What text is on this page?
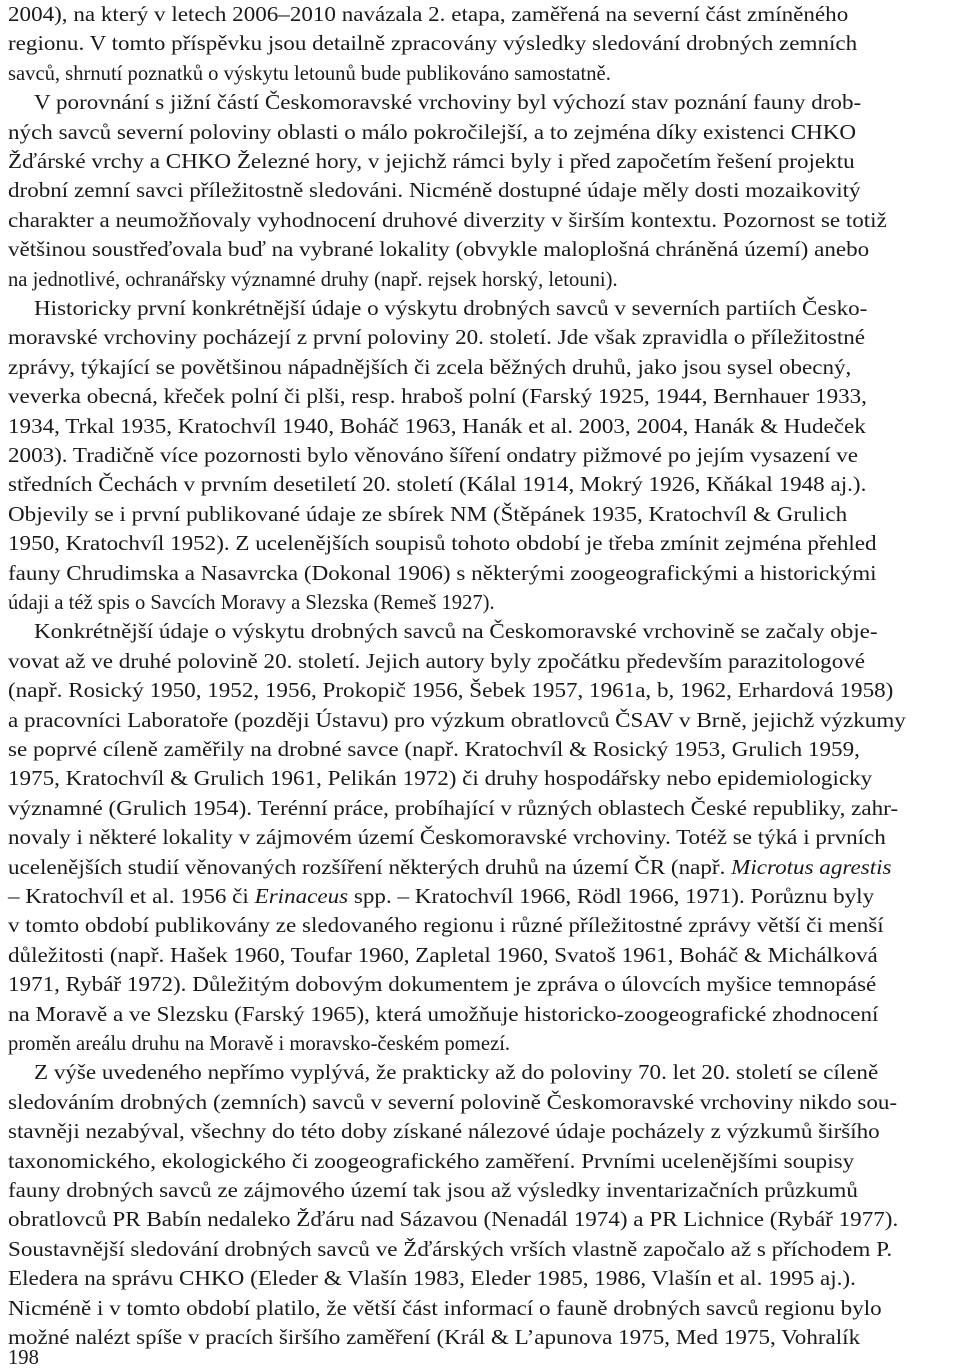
2004), na který v letech 2006–2010 navázala 2. etapa, zaměřená na severní část zmíněného
regionu. V tomto příspěvku jsou detailně zpracovány výsledky sledování drobných zemních
savců, shrnutí poznatků o výskytu letounů bude publikováno samostatně.
V porovnání s jižní částí Českomoravské vrchoviny byl výchozí stav poznání fauny drob-
ných savců severní poloviny oblasti o málo pokročilejší, a to zejména díky existenci CHKO
Žďárské vrchy a CHKO Železné hory, v jejichž rámci byly i před započetím řešení projektu
drobní zemní savci příležitostně sledováni. Nicméně dostupné údaje měly dosti mozaikovitý
charakter a neumožňovaly vyhodnocení druhové diverzity v širším kontextu. Pozornost se totiž
většinou soustřeďovala buď na vybrané lokality (obvykle maloplošná chráněná území) anebo
na jednotlivé, ochranářsky významné druhy (např. rejsek horský, letouni).
Historicky první konkrétnější údaje o výskytu drobných savců v severních partiích Česko-
moravské vrchoviny pocházejí z první poloviny 20. století. Jde však zpravidla o příležitostné
zprávy, týkající se povětšinou nápadnějších či zcela běžných druhů, jako jsou sysel obecný,
veverka obecná, křeček polní či plši, resp. hraboš polní (Farský 1925, 1944, Bernhauer 1933,
1934, Trkal 1935, Kratochvíl 1940, Boháč 1963, Hanák et al. 2003, 2004, Hanák & Hudeček
2003). Tradičně více pozornosti bylo věnováno šíření ondatry pižmové po jejím vysazení ve
středních Čechách v prvním desetiletí 20. století (Kálal 1914, Mokrý 1926, Kňákal 1948 aj.).
Objevily se i první publikované údaje ze sbírek NM (Štěpánek 1935, Kratochvíl & Grulich
1950, Kratochvíl 1952). Z ucelenějších soupisů tohoto období je třeba zmínit zejména přehled
fauny Chrudimska a Nasavrcka (Dokonal 1906) s některými zoogeografickými a historickými
údaji a též spis o Savcích Moravy a Slezska (Remeš 1927).
Konkrétnější údaje o výskytu drobných savců na Českomoravské vrchovině se začaly obje-
vovat až ve druhé polovině 20. století. Jejich autory byly zpočátku především parazitologové
(např. Rosický 1950, 1952, 1956, Prokopič 1956, Šebek 1957, 1961a, b, 1962, Erhardová 1958)
a pracovníci Laboratoře (později Ústavu) pro výzkum obratlovců ČSAV v Brně, jejichž výzkumy
se poprvé cíleně zaměřily na drobné savce (např. Kratochvíl & Rosický 1953, Grulich 1959,
1975, Kratochvíl & Grulich 1961, Pelikán 1972) či druhy hospodářsky nebo epidemiologicky
významné (Grulich 1954). Terénní práce, probíhající v různých oblastech České republiky, zahr-
novaly i některé lokality v zájmovém území Českomoravské vrchoviny. Totéž se týká i prvních
ucelenějších studií věnovaných rozšíření některých druhů na území ČR (např. Microtus agrestis
– Kratochvíl et al. 1956 či Erinaceus spp. – Kratochvíl 1966, Rödl 1966, 1971). Porůznu byly
v tomto období publikovány ze sledovaného regionu i různé příležitostné zprávy větší či menší
důležitosti (např. Hašek 1960, Toufar 1960, Zapletal 1960, Svatoš 1961, Boháč & Michálková
1971, Rybář 1972). Důležitým dobovým dokumentem je zpráva o úlovcích myšice temnopásé
na Moravě a ve Slezsku (Farský 1965), která umožňuje historicko-zoogeografické zhodnocení
proměn areálu druhu na Moravě i moravsko-českém pomezí.
Z výše uvedeného nepřímo vyplývá, že prakticky až do poloviny 70. let 20. století se cíleně
sledováním drobných (zemních) savců v severní polovině Českomoravské vrchoviny nikdo sou-
stavněji nezabýval, všechny do této doby získané nálezové údaje pocházely z výzkumů širšího
taxonomického, ekologického či zoogeografického zaměření. Prvními ucelenějšími soupisy
fauny drobných savců ze zájmového území tak jsou až výsledky inventarizačních průzkumů
obratlovců PR Babín nedaleko Žďáru nad Sázavou (Nenadál 1974) a PR Lichnice (Rybář 1977).
Soustavnější sledování drobných savců ve Žďárských vrších vlastně započalo až s příchodem P.
Eledera na správu CHKO (Eleder & Vlašín 1983, Eleder 1985, 1986, Vlašín et al. 1995 aj.).
Nicméně i v tomto období platilo, že větší část informací o fauně drobných savců regionu bylo
možné nalézt spíše v pracích širšího zaměření (Král & L’apunova 1975, Med 1975, Vohralík
198
